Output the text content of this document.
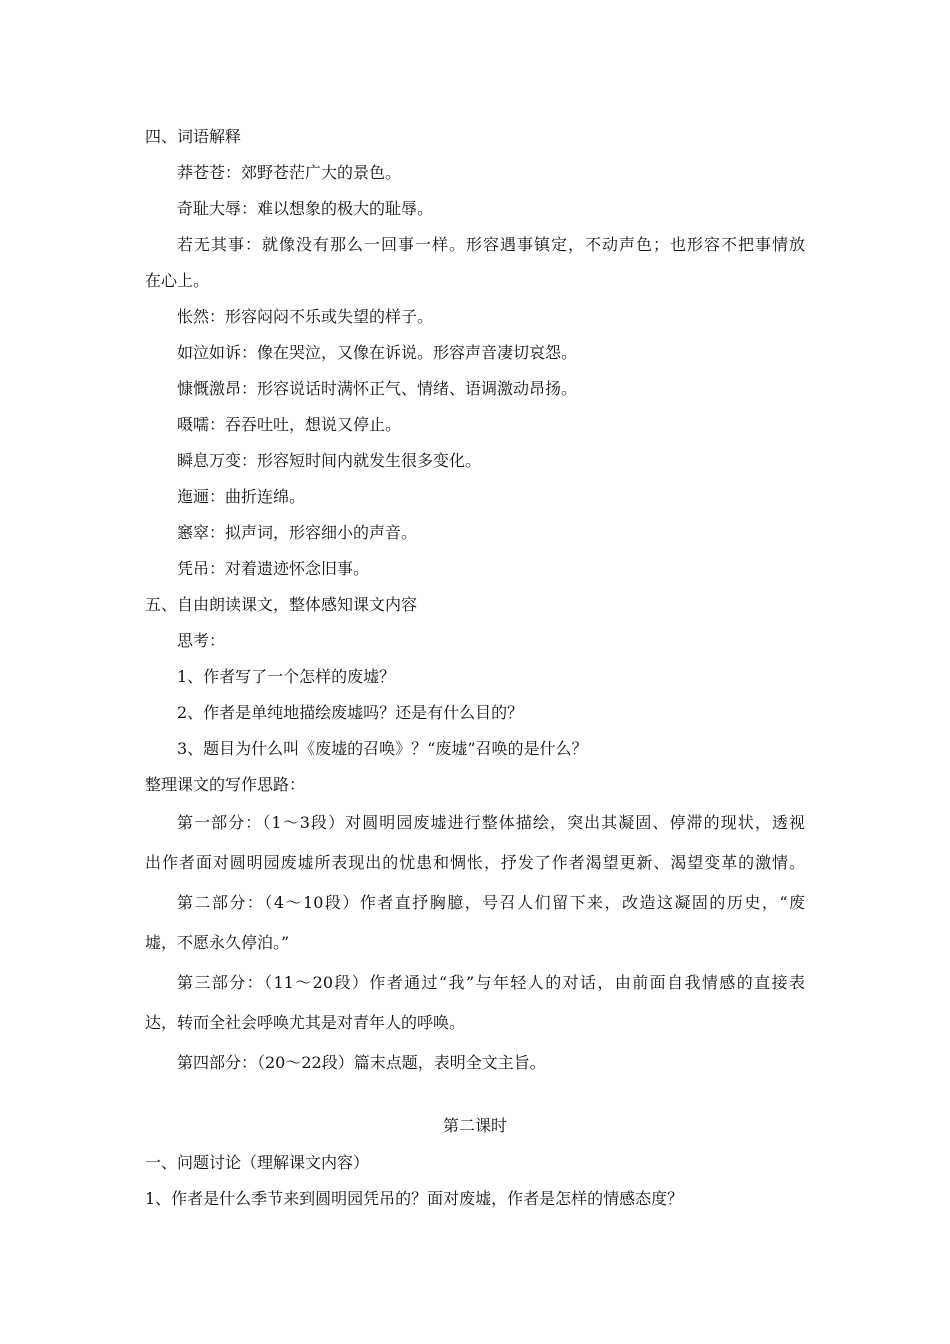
四、词语解释
莽苍苍：郊野苍茫广大的景色。
奇耻大辱：难以想象的极大的耻辱。
若无其事：就像没有那么一回事一样。形容遇事镇定，不动声色；也形容不把事情放
在心上。
怅然：形容闷闷不乐或失望的样子。
如泣如诉：像在哭泣，又像在诉说。形容声音凄切哀怨。
慷慨激昂：形容说话时满怀正气、情绪、语调激动昂扬。
嗫嚅：吞吞吐吐，想说又停止。
瞬息万变：形容短时间内就发生很多变化。
迤逦：曲折连绵。
窸窣：拟声词，形容细小的声音。
凭吊：对着遗迹怀念旧事。
五、自由朗读课文，整体感知课文内容
思考：
1、作者写了一个怎样的废墟？
2、作者是单纯地描绘废墟吗？还是有什么目的？
3、题目为什么叫《废墟的召唤》？“废墟”召唤的是什么？
整理课文的写作思路：
第一部分：（1～3段）对圆明园废墟进行整体描绘，突出其凝固、停滞的现状，透视
出作者面对圆明园废墟所表现出的忧患和惆怅，抒发了作者渴望更新、渴望变革的激情。
第二部分：（4～10段）作者直抒胸臆，号召人们留下来，改造这凝固的历史，“废
墟，不愿永久停泊。”
第三部分：（11～20段）作者通过“我”与年轻人的对话，由前面自我情感的直接表
达，转而全社会呼唤尤其是对青年人的呼唤。
第四部分：（20～22段）篇末点题，表明全文主旨。
第二课时
一、问题讨论（理解课文内容）
1、作者是什么季节来到圆明园凭吊的？面对废墟，作者是怎样的情感态度？
